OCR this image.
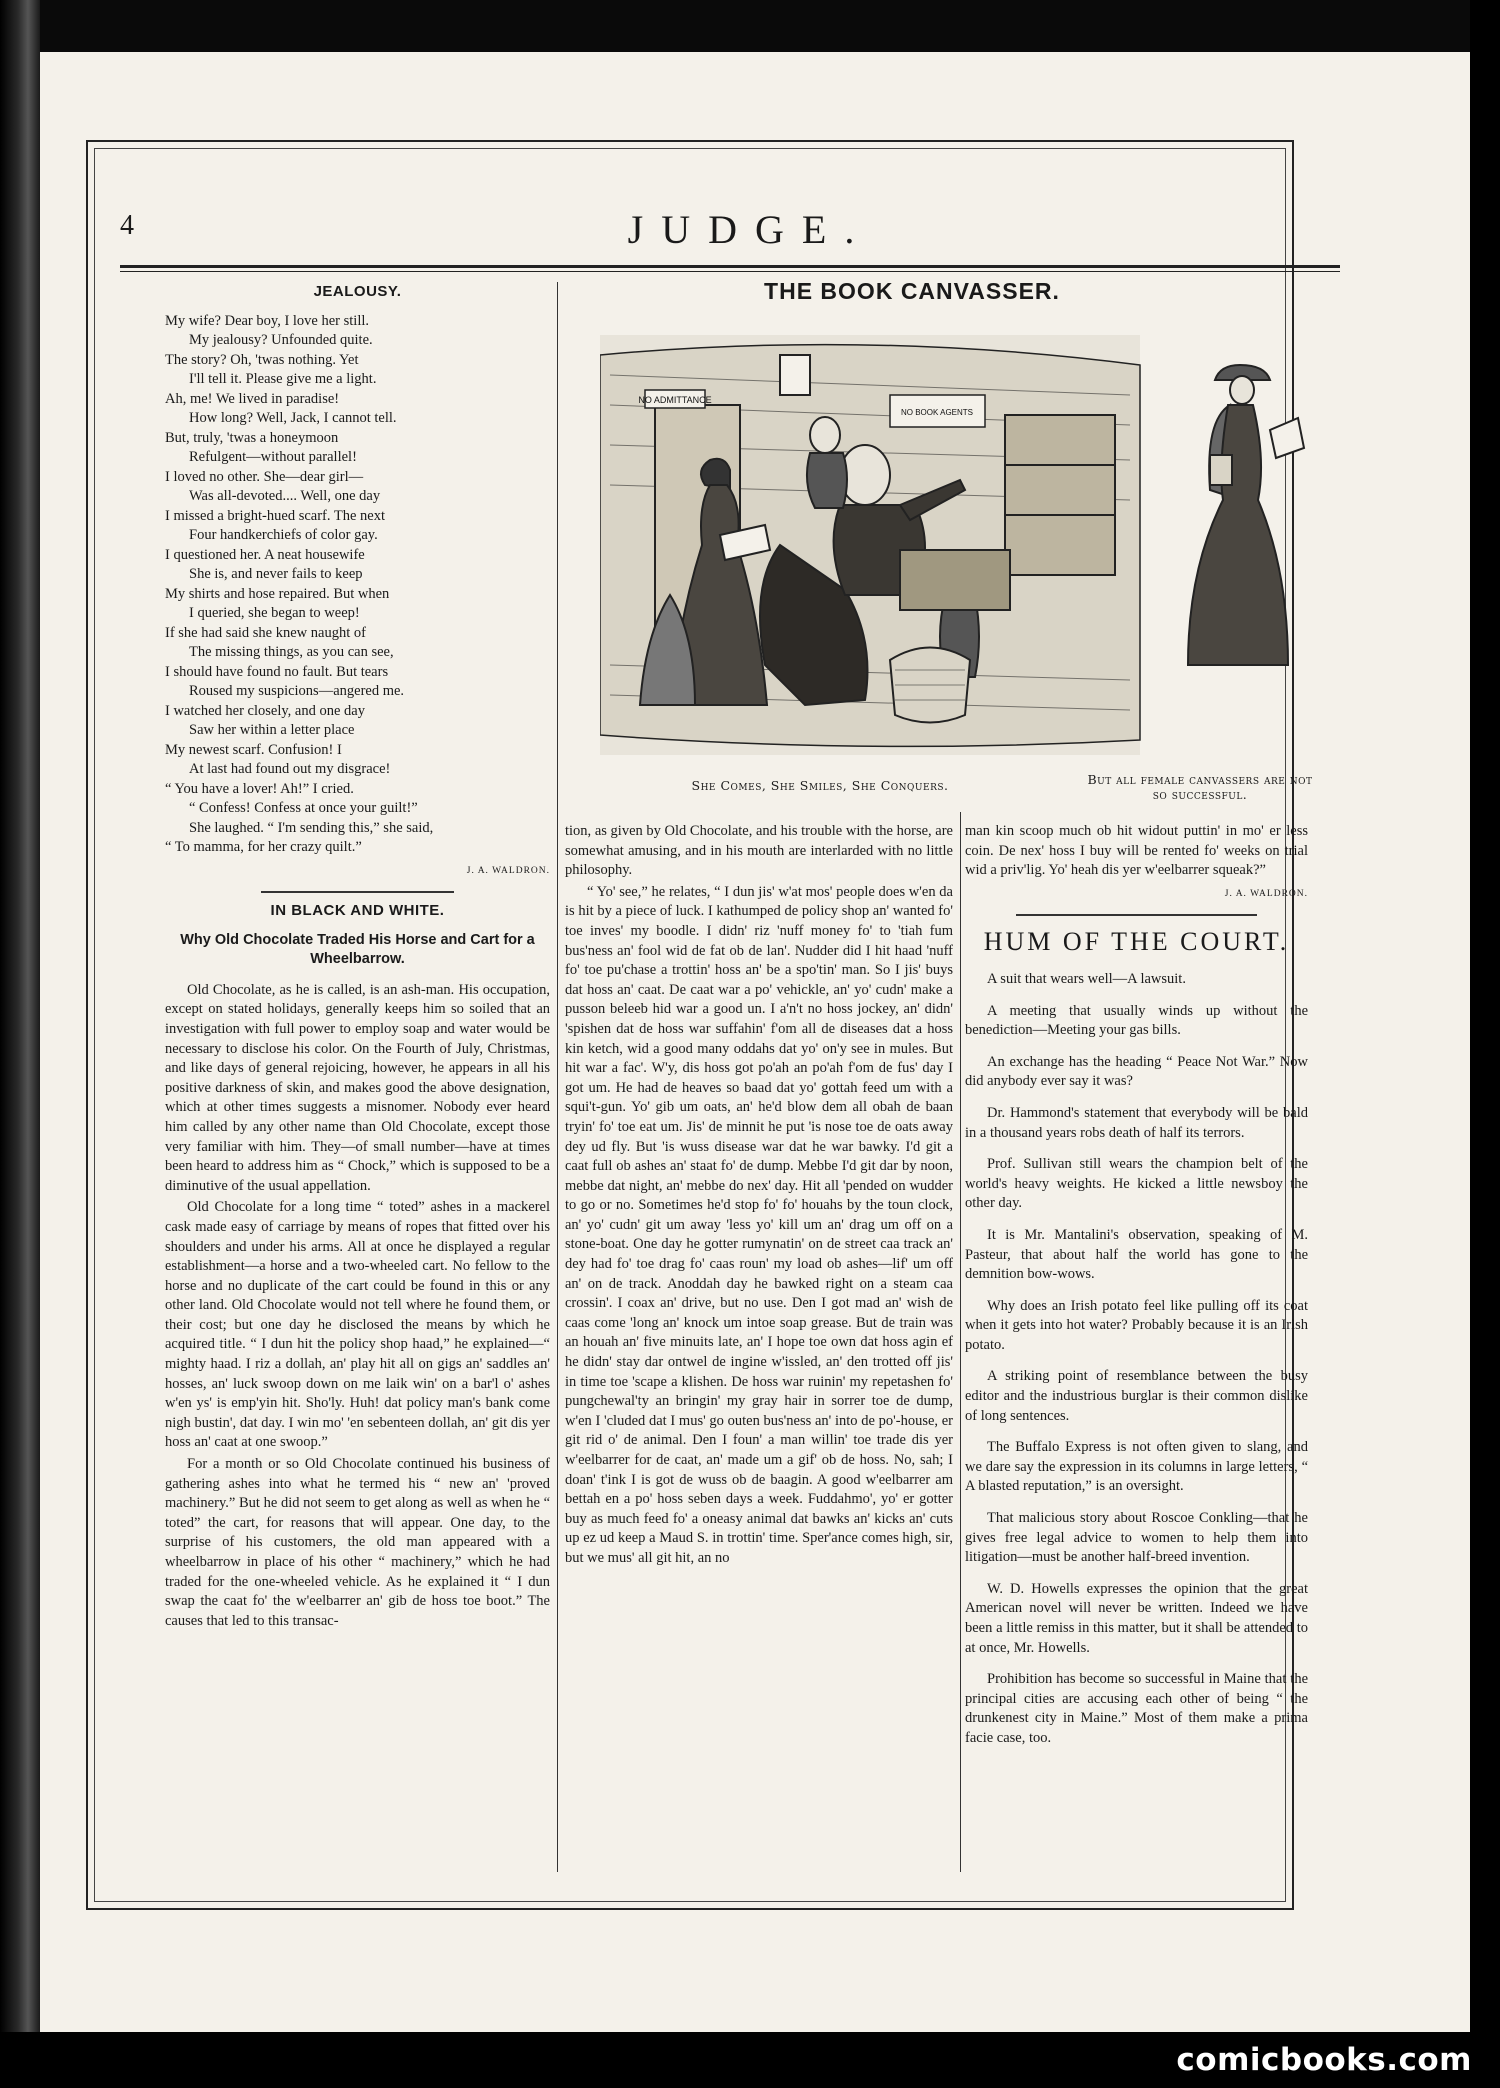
4	JUDGE.
JEALOUSY.
My wife? Dear boy, I love her still.
My jealousy? Unfounded quite.
The story? Oh, 'twas nothing. Yet
I'll tell it. Please give me a light.
Ah, me! We lived in paradise!
How long? Well, Jack, I cannot tell.
But, truly, 'twas a honeymoon
Refulgent—without parallel!
I loved no other. She—dear girl—
Was all-devoted.... Well, one day
I missed a bright-hued scarf. The next
Four handkerchiefs of color gay.
I questioned her. A neat housewife
She is, and never fails to keep
My shirts and hose repaired. But when
I queried, she began to weep!
If she had said she knew naught of
The missing things, as you can see,
I should have found no fault. But tears
Roused my suspicions—angered me.
I watched her closely, and one day
Saw her within a letter place
My newest scarf. Confusion! I
At last had found out my disgrace!
“ You have a lover! Ah!” I cried.
“ Confess! Confess at once your guilt!”
She laughed. “ I'm sending this,” she said,
“ To mamma, for her crazy quilt.”
J. A. WALDRON.
IN BLACK AND WHITE.
Why Old Chocolate Traded His Horse and Cart for a Wheelbarrow.

Old Chocolate, as he is called, is an ash-man. His occupation, except on stated holidays, generally keeps him so soiled that an investigation with full power to employ soap and water would be necessary to disclose his color. On the Fourth of July, Christmas, and like days of general rejoicing, however, he appears in all his positive darkness of skin, and makes good the above designation, which at other times suggests a misnomer. Nobody ever heard him called by any other name than Old Chocolate, except those very familiar with him. They—of small number—have at times been heard to address him as “ Chock,” which is supposed to be a diminutive of the usual appellation.

Old Chocolate for a long time “ toted” ashes in a mackerel cask made easy of carriage by means of ropes that fitted over his shoulders and under his arms. All at once he displayed a regular establishment—a horse and a two-wheeled cart. No fellow to the horse and no duplicate of the cart could be found in this or any other land. Old Chocolate would not tell where he found them, or their cost; but one day he disclosed the means by which he acquired title. “ I dun hit the policy shop haad,” he explained—“ mighty haad. I riz a dollah, an' play hit all on gigs an' saddles an' hosses, an' luck swoop down on me laik win' on a bar'l o' ashes w'en ys' is emp'yin hit. Sho'ly. Huh! dat policy man's bank come nigh bustin', dat day. I win mo' 'en sebenteen dollah, an' git dis yer hoss an' caat at one swoop.”

For a month or so Old Chocolate continued his business of gathering ashes into what he termed his “ new an' 'proved machinery.” But he did not seem to get along as well as when he “ toted” the cart, for reasons that will appear. One day, to the surprise of his customers, the old man appeared with a wheelbarrow in place of his other “ machinery,” which he had traded for the one-wheeled vehicle. As he explained it “ I dun swap the caat fo' the w'eelbarrer an' gib de hoss toe boot.” The causes that led to this transac-

THE BOOK CANVASSER.
NO ADMITTANCE
NO BOOK AGENTS
She Comes, She Smiles, She Conquers.	But all female canvassers are not so successful.

tion, as given by Old Chocolate, and his trouble with the horse, are somewhat amusing, and in his mouth are interlarded with no little philosophy.

“ Yo' see,” he relates, “ I dun jis' w'at mos' people does w'en da is hit by a piece of luck. I kathumped de policy shop an' wanted fo' toe inves' my boodle. I didn' riz 'nuff money fo' to 'tiah fum bus'ness an' fool wid de fat ob de lan'. Nudder did I hit haad 'nuff fo' toe pu'chase a trottin' hoss an' be a spo'tin' man. So I jis' buys dat hoss an' caat. De caat war a po' vehickle, an' yo' cudn' make a pusson beleeb hid war a good un. I a'n't no hoss jockey, an' didn' 'spishen dat de hoss war suffahin' f'om all de diseases dat a hoss kin ketch, wid a good many oddahs dat yo' on'y see in mules. But hit war a fac'. W'y, dis hoss got po'ah an po'ah f'om de fus' day I got um. He had de heaves so baad dat yo' gottah feed um with a squi't-gun. Yo' gib um oats, an' he'd blow dem all obah de baan tryin' fo' toe eat um. Jis' de minnit he put 'is nose toe de oats away dey ud fly. But 'is wuss disease war dat he war bawky. I'd git a caat full ob ashes an' staat fo' de dump. Mebbe I'd git dar by noon, mebbe dat night, an' mebbe do nex' day. Hit all 'pended on wudder to go or no. Sometimes he'd stop fo' fo' houahs by the toun clock, an' yo' cudn' git um away 'less yo' kill um an' drag um off on a stone-boat. One day he gotter rumynatin' on de street caa track an' dey had fo' toe drag fo' caas roun' my load ob ashes—lif' um off an' on de track. Anoddah day he bawked right on a steam caa crossin'. I coax an' drive, but no use. Den I got mad an' wish de caas come 'long an' knock um intoe soap grease. But de train was an houah an' five minuits late, an' I hope toe own dat hoss agin ef he didn' stay dar ontwel de ingine w'issled, an' den trotted off jis' in time toe 'scape a klishen. De hoss war ruinin' my repetashen fo' pungchewal'ty an bringin' my gray hair in sorrer toe de dump, w'en I 'cluded dat I mus' go outen bus'ness an' into de po'-house, er git rid o' de animal. Den I foun' a man willin' toe trade dis yer w'eelbarrer for de caat, an' made um a gif' ob de hoss. No, sah; I doan' t'ink I is got de wuss ob de baagin. A good w'eelbarrer am bettah en a po' hoss seben days a week. Fuddahmo', yo' er gotter buy as much feed fo' a oneasy animal dat bawks an' kicks an' cuts up ez ud keep a Maud S. in trottin' time. Sper'ance comes high, sir, but we mus' all git hit, an no

man kin scoop much ob hit widout puttin' in mo' er less coin. De nex' hoss I buy will be rented fo' weeks on trial wid a priv'lig. Yo' heah dis yer w'eelbarrer squeak?”

J. A. WALDRON.
HUM OF THE COURT.

A suit that wears well—A lawsuit.

A meeting that usually winds up without the benediction—Meeting your gas bills.

An exchange has the heading “ Peace Not War.” Now did anybody ever say it was?

Dr. Hammond's statement that everybody will be bald in a thousand years robs death of half its terrors.

Prof. Sullivan still wears the champion belt of the world's heavy weights. He kicked a little newsboy the other day.

It is Mr. Mantalini's observation, speaking of M. Pasteur, that about half the world has gone to the demnition bow-wows.

Why does an Irish potato feel like pulling off its coat when it gets into hot water? Probably because it is an Irish potato.

A striking point of resemblance between the busy editor and the industrious burglar is their common dislike of long sentences.

The Buffalo Express is not often given to slang, and we dare say the expression in its columns in large letters, “ A blasted reputation,” is an oversight.

That malicious story about Roscoe Conkling—that he gives free legal advice to women to help them into litigation—must be another half-breed invention.

W. D. Howells expresses the opinion that the great American novel will never be written. Indeed we have been a little remiss in this matter, but it shall be attended to at once, Mr. Howells.

Prohibition has become so successful in Maine that the principal cities are accusing each other of being “ the drunkenest city in Maine.” Most of them make a prima facie case, too.

comicbooks.com
